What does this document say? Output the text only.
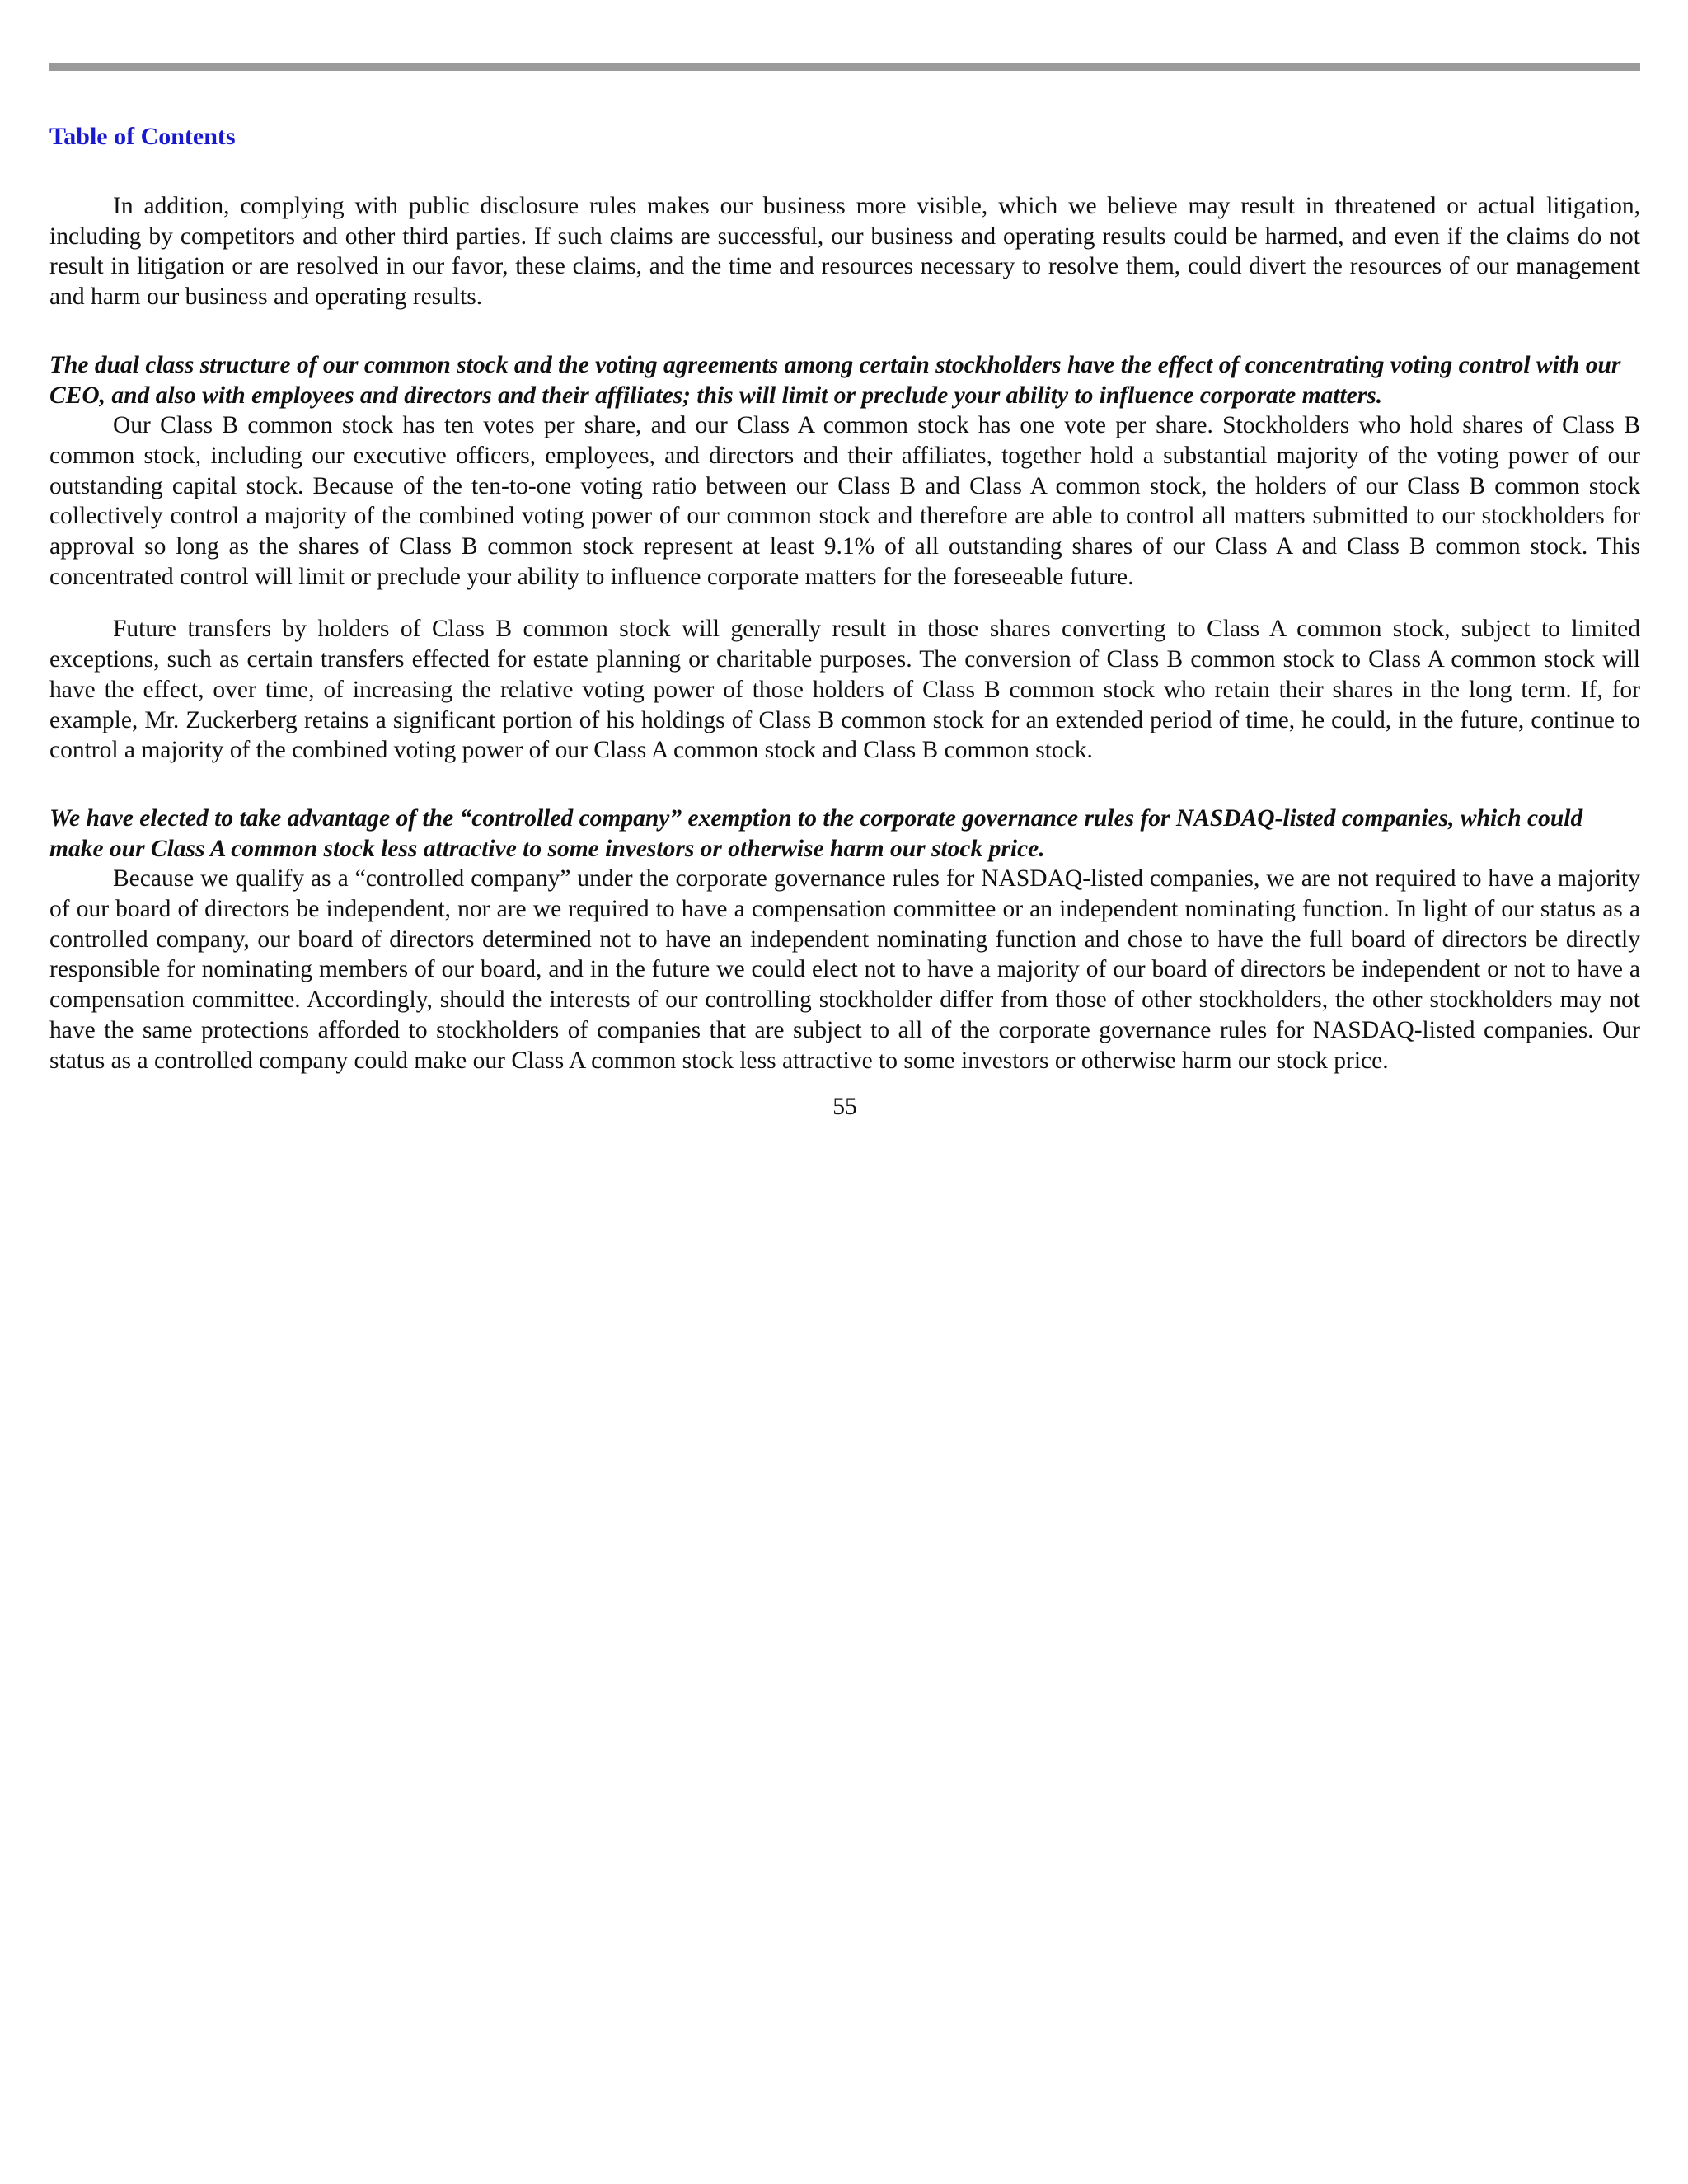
Table of Contents

In addition, complying with public disclosure rules makes our business more visible, which we believe may result in threatened or actual litigation, including by competitors and other third parties. If such claims are successful, our business and operating results could be harmed, and even if the claims do not result in litigation or are resolved in our favor, these claims, and the time and resources necessary to resolve them, could divert the resources of our management and harm our business and operating results.

The dual class structure of our common stock and the voting agreements among certain stockholders have the effect of concentrating voting control with our CEO, and also with employees and directors and their affiliates; this will limit or preclude your ability to influence corporate matters.

Our Class B common stock has ten votes per share, and our Class A common stock has one vote per share. Stockholders who hold shares of Class B common stock, including our executive officers, employees, and directors and their affiliates, together hold a substantial majority of the voting power of our outstanding capital stock. Because of the ten-to-one voting ratio between our Class B and Class A common stock, the holders of our Class B common stock collectively control a majority of the combined voting power of our common stock and therefore are able to control all matters submitted to our stockholders for approval so long as the shares of Class B common stock represent at least 9.1% of all outstanding shares of our Class A and Class B common stock. This concentrated control will limit or preclude your ability to influence corporate matters for the foreseeable future.

Future transfers by holders of Class B common stock will generally result in those shares converting to Class A common stock, subject to limited exceptions, such as certain transfers effected for estate planning or charitable purposes. The conversion of Class B common stock to Class A common stock will have the effect, over time, of increasing the relative voting power of those holders of Class B common stock who retain their shares in the long term. If, for example, Mr. Zuckerberg retains a significant portion of his holdings of Class B common stock for an extended period of time, he could, in the future, continue to control a majority of the combined voting power of our Class A common stock and Class B common stock.

We have elected to take advantage of the “controlled company” exemption to the corporate governance rules for NASDAQ-listed companies, which could make our Class A common stock less attractive to some investors or otherwise harm our stock price.

Because we qualify as a “controlled company” under the corporate governance rules for NASDAQ-listed companies, we are not required to have a majority of our board of directors be independent, nor are we required to have a compensation committee or an independent nominating function. In light of our status as a controlled company, our board of directors determined not to have an independent nominating function and chose to have the full board of directors be directly responsible for nominating members of our board, and in the future we could elect not to have a majority of our board of directors be independent or not to have a compensation committee. Accordingly, should the interests of our controlling stockholder differ from those of other stockholders, the other stockholders may not have the same protections afforded to stockholders of companies that are subject to all of the corporate governance rules for NASDAQ-listed companies. Our status as a controlled company could make our Class A common stock less attractive to some investors or otherwise harm our stock price.

55
